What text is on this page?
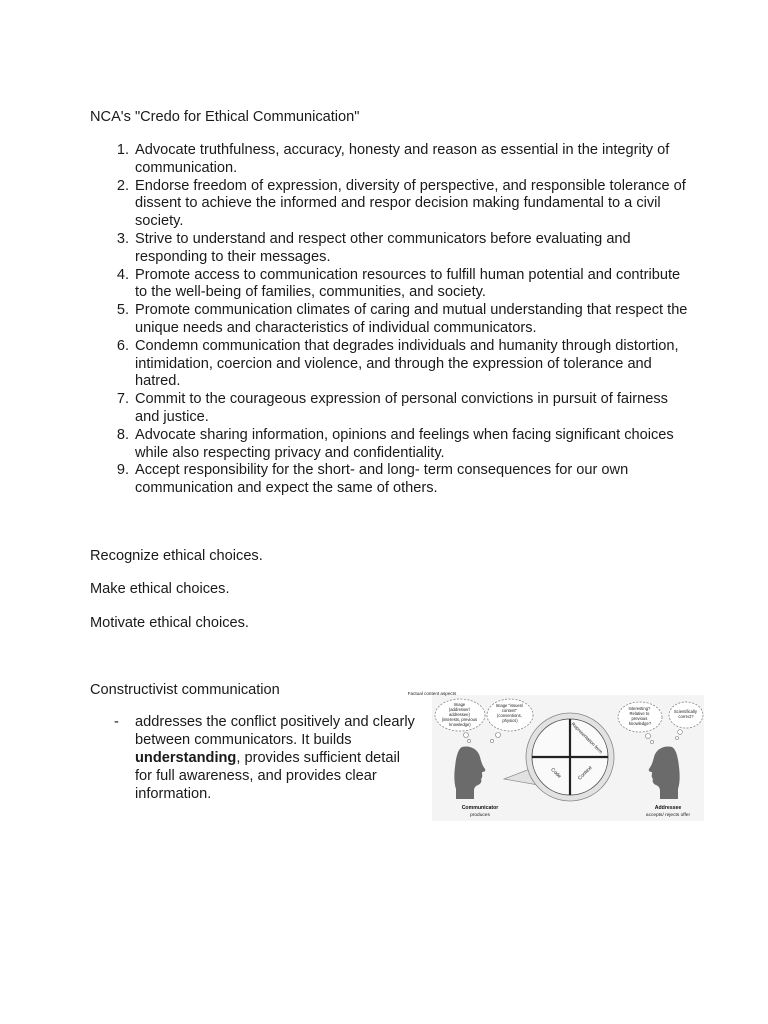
NCA's "Credo for Ethical Communication"
1. Advocate truthfulness, accuracy, honesty and reason as essential in the integrity of communication.
2. Endorse freedom of expression, diversity of perspective, and responsible tolerance of dissent to achieve the informed and respor decision making fundamental to a civil society.
3. Strive to understand and respect other communicators before evaluating and responding to their messages.
4. Promote access to communication resources to fulfill human potential and contribute to the well-being of families, communities, and society.
5. Promote communication climates of caring and mutual understanding that respect the unique needs and characteristics of individual communicators.
6. Condemn communication that degrades individuals and humanity through distortion, intimidation, coercion and violence, and through the expression of tolerance and hatred.
7. Commit to the courageous expression of personal convictions in pursuit of fairness and justice.
8. Advocate sharing information, opinions and feelings when facing significant choices while also respecting privacy and confidentiality.
9. Accept responsibility for the short- and long- term consequences for our own communication and expect the same of others.

Recognize ethical choices.

Make ethical choices.

Motivate ethical choices.

Constructivist communication

- addresses the conflict positively and clearly between communicators. It builds understanding, provides sufficient detail for full awareness, and provides clear information.
Image (addresser/ addressee) (interests, previous knowledge)
Image "issues/ content" (conventions, physics)
Interesting? Relative to previous knowledge?
Scientifically correct?
Factual content aspects
Representation form
Code	Context
Communicator
produces
Addressee
accepts/ rejects offer
